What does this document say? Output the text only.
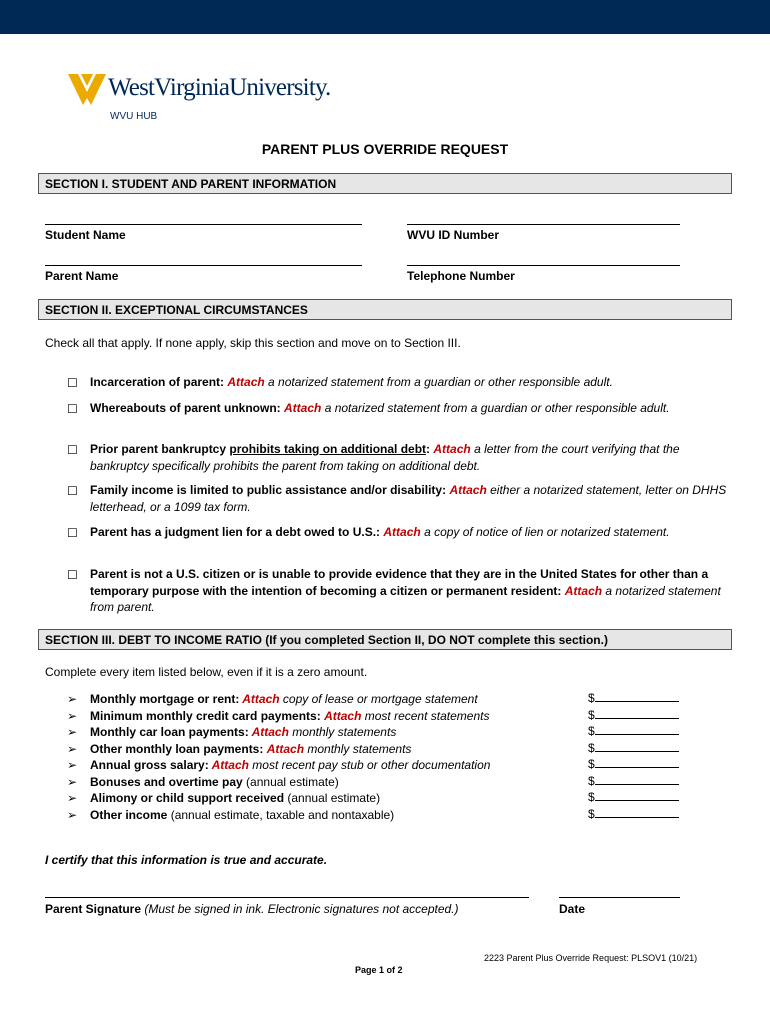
WestVirginiaUniversity.
WVU HUB
PARENT PLUS OVERRIDE REQUEST
SECTION I. STUDENT AND PARENT INFORMATION
Student Name	WVU ID Number
Parent Name	Telephone Number
SECTION II. EXCEPTIONAL CIRCUMSTANCES
Check all that apply. If none apply, skip this section and move on to Section III.
☐ Incarceration of parent: Attach a notarized statement from a guardian or other responsible adult.
☐ Whereabouts of parent unknown: Attach a notarized statement from a guardian or other responsible adult.
☐ Prior parent bankruptcy prohibits taking on additional debt: Attach a letter from the court verifying that the bankruptcy specifically prohibits the parent from taking on additional debt.
☐ Family income is limited to public assistance and/or disability: Attach either a notarized statement, letter on DHHS letterhead, or a 1099 tax form.
☐ Parent has a judgment lien for a debt owed to U.S.: Attach a copy of notice of lien or notarized statement.
☐ Parent is not a U.S. citizen or is unable to provide evidence that they are in the United States for other than a temporary purpose with the intention of becoming a citizen or permanent resident: Attach a notarized statement from parent.
SECTION III. DEBT TO INCOME RATIO (If you completed Section II, DO NOT complete this section.)
Complete every item listed below, even if it is a zero amount.
➢ Monthly mortgage or rent: Attach copy of lease or mortgage statement	$
➢ Minimum monthly credit card payments: Attach most recent statements	$
➢ Monthly car loan payments: Attach monthly statements	$
➢ Other monthly loan payments: Attach monthly statements	$
➢ Annual gross salary: Attach most recent pay stub or other documentation	$
➢ Bonuses and overtime pay (annual estimate)	$
➢ Alimony or child support received (annual estimate)	$
➢ Other income (annual estimate, taxable and nontaxable)	$
I certify that this information is true and accurate.
Parent Signature (Must be signed in ink. Electronic signatures not accepted.)	Date
2223 Parent Plus Override Request: PLSOV1 (10/21)
Page 1 of 2
